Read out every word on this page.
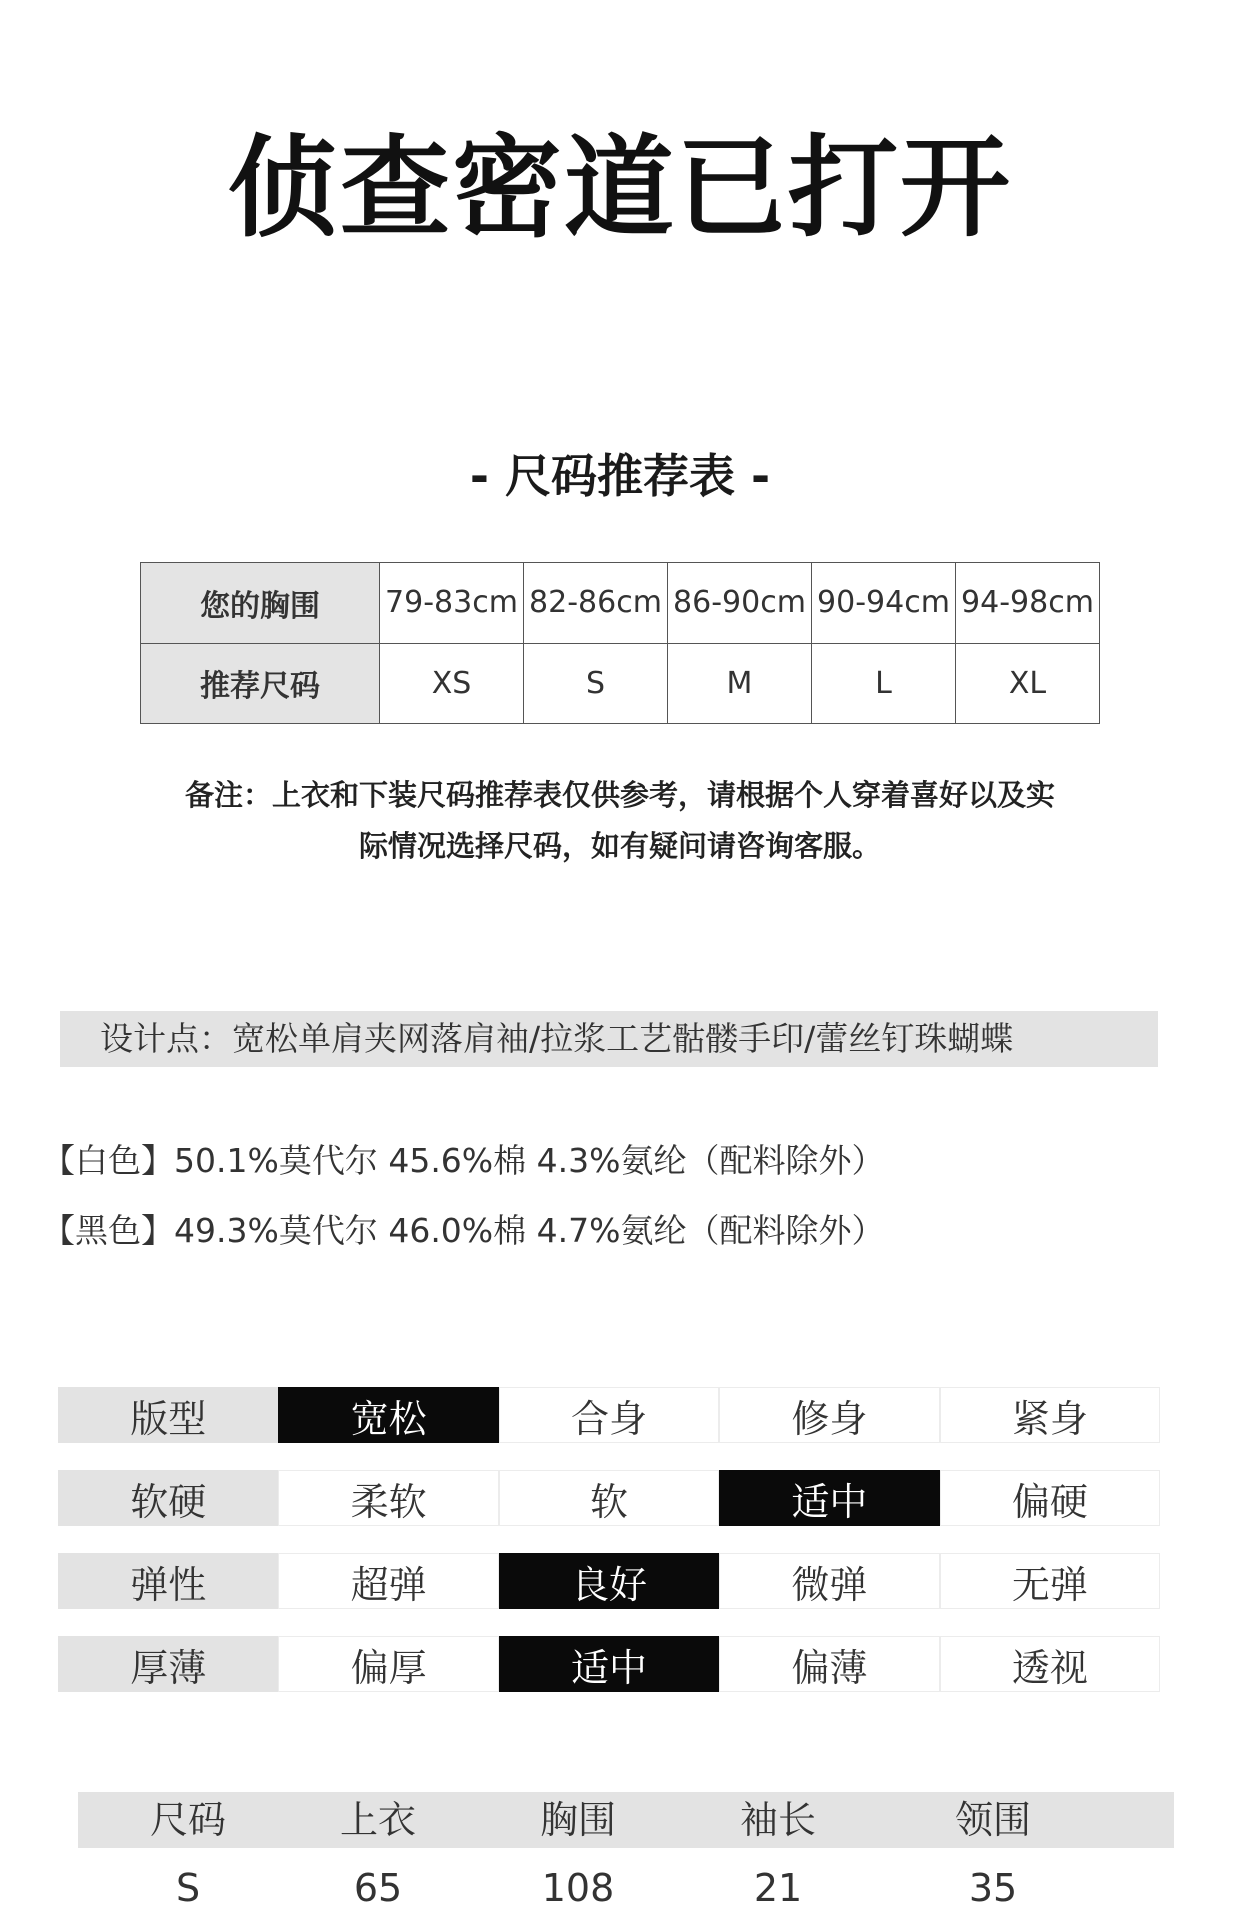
侦查密道已打开
- 尺码推荐表 -
您的胸围	79-83cm	82-86cm	86-90cm	90-94cm	94-98cm
推荐尺码	XS	S	M	L	XL
备注：上衣和下装尺码推荐表仅供参考，请根据个人穿着喜好以及实
际情况选择尺码，如有疑问请咨询客服。
设计点：宽松单肩夹网落肩袖/拉浆工艺骷髅手印/蕾丝钉珠蝴蝶
【白色】50.1%莫代尔 45.6%棉 4.3%氨纶（配料除外）
【黑色】49.3%莫代尔 46.0%棉 4.7%氨纶（配料除外）
版型	宽松	合身	修身	紧身
软硬	柔软	软	适中	偏硬
弹性	超弹	良好	微弹	无弹
厚薄	偏厚	适中	偏薄	透视
尺码	上衣	胸围	袖长	领围
S	65	108	21	35
